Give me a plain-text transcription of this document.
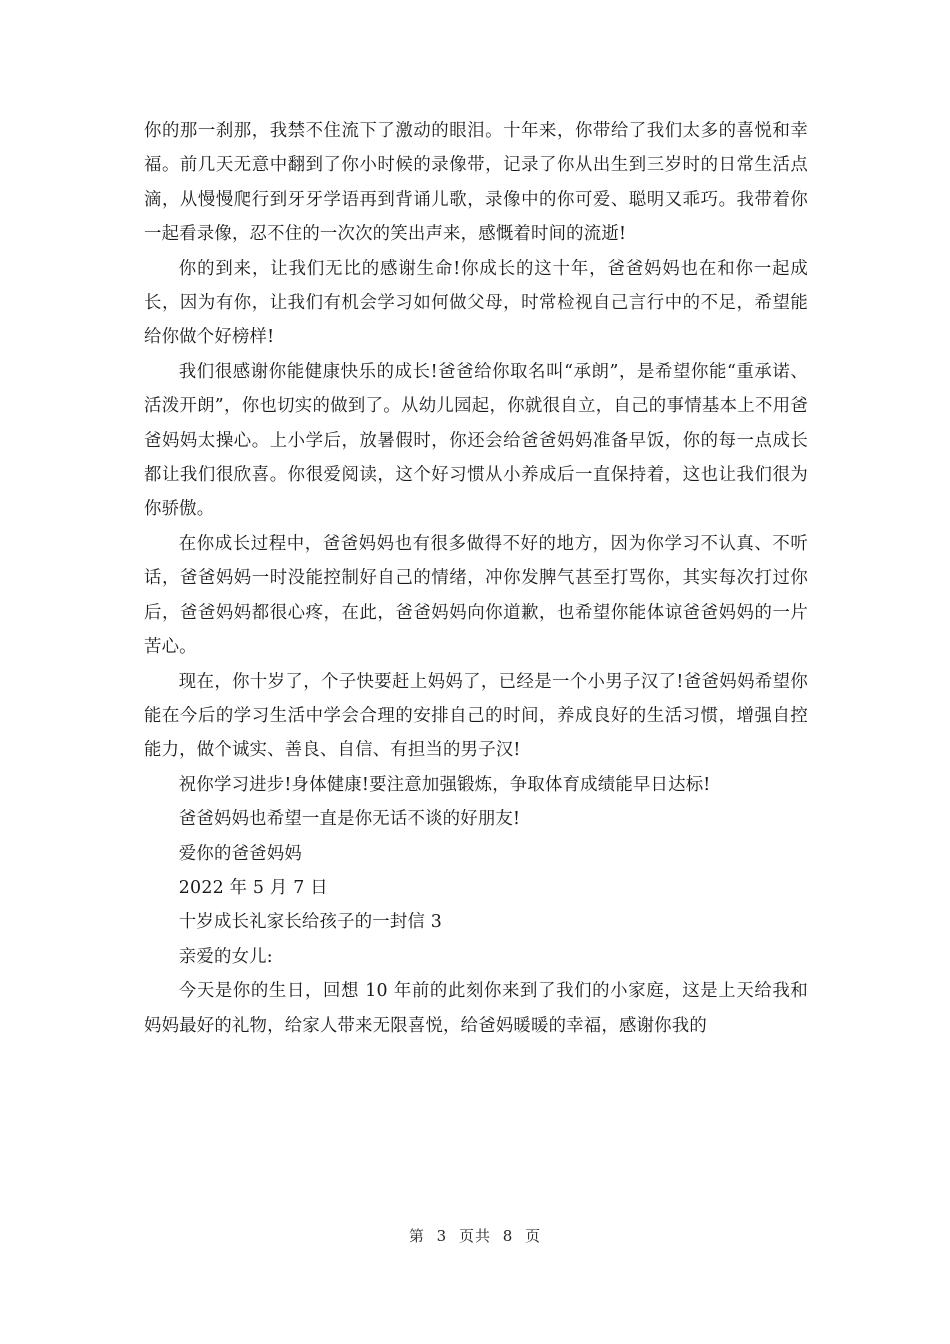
你的那一刹那，我禁不住流下了激动的眼泪。十年来，你带给了我们太多的喜悦和幸福。前几天无意中翻到了你小时候的录像带，记录了你从出生到三岁时的日常生活点滴，从慢慢爬行到牙牙学语再到背诵儿歌，录像中的你可爱、聪明又乖巧。我带着你一起看录像，忍不住的一次次的笑出声来，感慨着时间的流逝!

你的到来，让我们无比的感谢生命!你成长的这十年，爸爸妈妈也在和你一起成长，因为有你，让我们有机会学习如何做父母，时常检视自己言行中的不足，希望能给你做个好榜样!

我们很感谢你能健康快乐的成长!爸爸给你取名叫“承朗”，是希望你能“重承诺、活泼开朗”，你也切实的做到了。从幼儿园起，你就很自立，自己的事情基本上不用爸爸妈妈太操心。上小学后，放暑假时，你还会给爸爸妈妈准备早饭，你的每一点成长都让我们很欣喜。你很爱阅读，这个好习惯从小养成后一直保持着，这也让我们很为你骄傲。

在你成长过程中，爸爸妈妈也有很多做得不好的地方，因为你学习不认真、不听话，爸爸妈妈一时没能控制好自己的情绪，冲你发脾气甚至打骂你，其实每次打过你后，爸爸妈妈都很心疼，在此，爸爸妈妈向你道歉，也希望你能体谅爸爸妈妈的一片苦心。

现在，你十岁了，个子快要赶上妈妈了，已经是一个小男子汉了!爸爸妈妈希望你能在今后的学习生活中学会合理的安排自己的时间，养成良好的生活习惯，增强自控能力，做个诚实、善良、自信、有担当的男子汉!

祝你学习进步!身体健康!要注意加强锻炼，争取体育成绩能早日达标!

爸爸妈妈也希望一直是你无话不谈的好朋友!

爱你的爸爸妈妈

2022 年 5 月 7 日

十岁成长礼家长给孩子的一封信 3

亲爱的女儿:

今天是你的生日，回想 10 年前的此刻你来到了我们的小家庭，这是上天给我和妈妈最好的礼物，给家人带来无限喜悦，给爸妈暖暖的幸福，感谢你我的

第 3 页共 8 页
